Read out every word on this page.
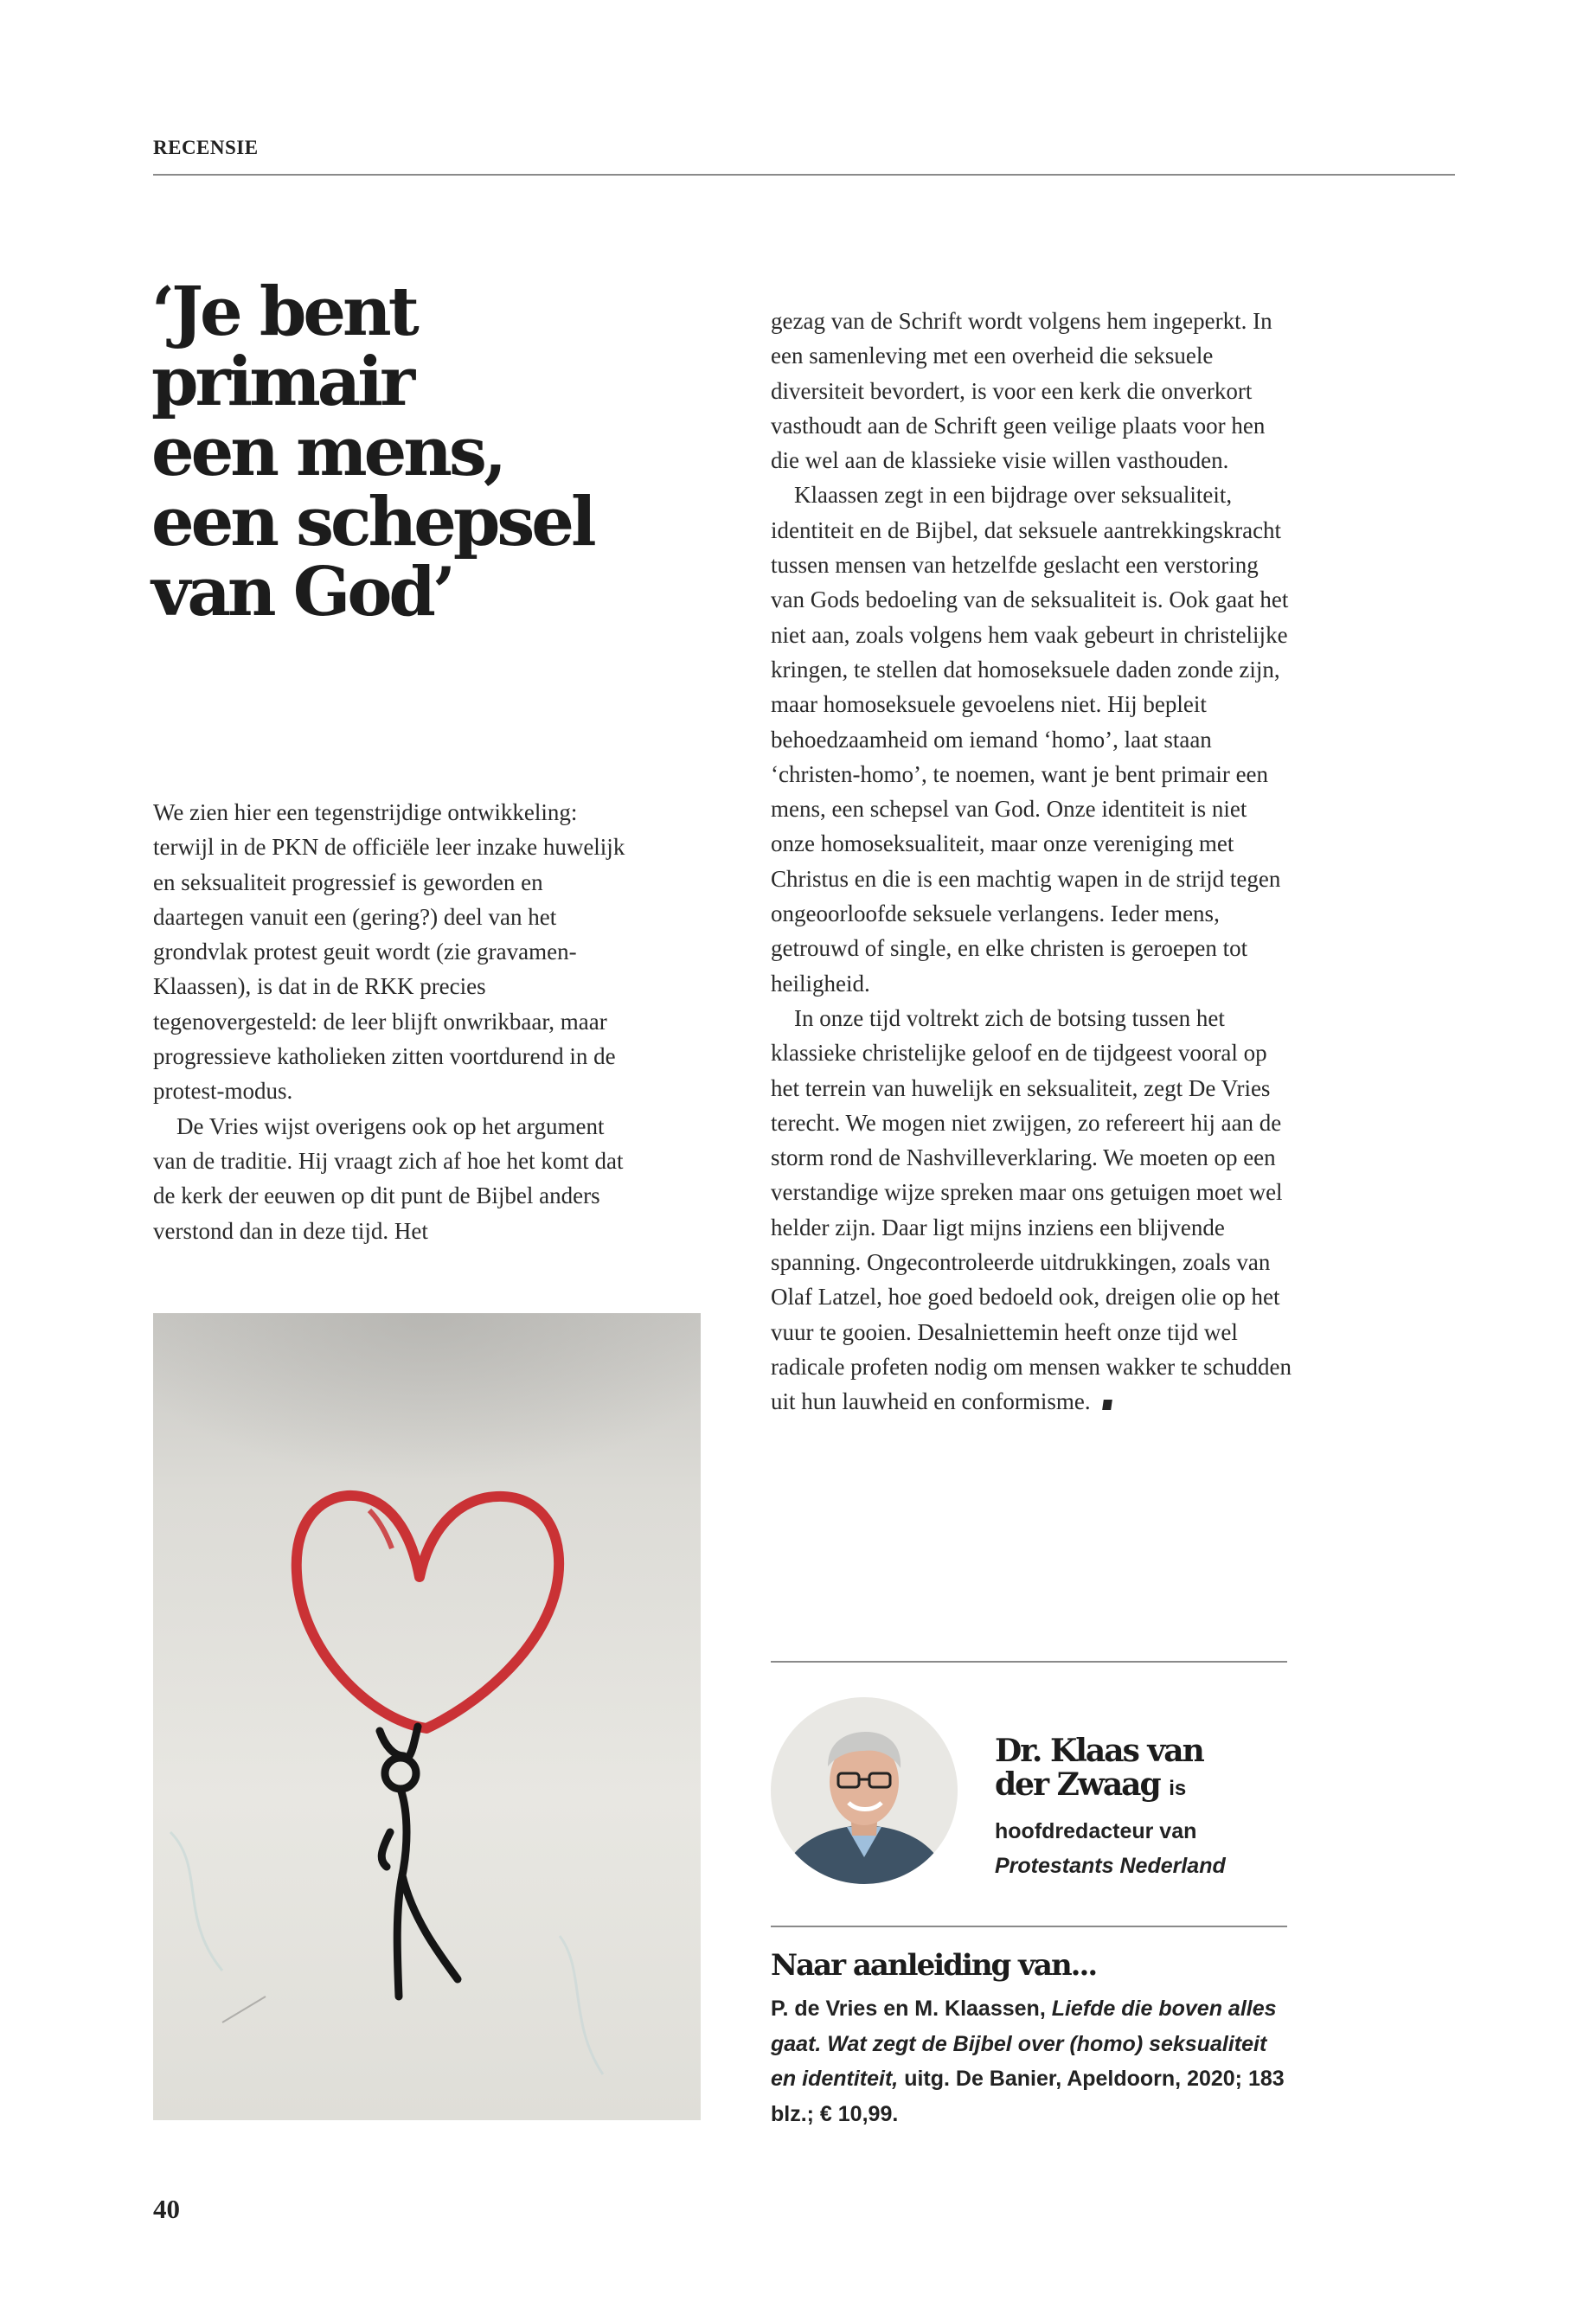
RECENSIE
‘Je bent
primair
een mens,
een schepsel
van God’

We zien hier een tegenstrijdige ontwikkeling: terwijl in de PKN de officiële leer inzake huwelijk en seksualiteit progressief is geworden en daartegen vanuit een (gering?) deel van het grondvlak protest geuit wordt (zie gravamen-Klaassen), is dat in de RKK precies tegenovergesteld: de leer blijft onwrikbaar, maar progressieve katholieken zitten voortdurend in de protest-modus.

De Vries wijst overigens ook op het argument van de traditie. Hij vraagt zich af hoe het komt dat de kerk der eeuwen op dit punt de Bijbel anders verstond dan in deze tijd. Het

gezag van de Schrift wordt volgens hem ingeperkt. In een samenleving met een overheid die seksuele diversiteit bevordert, is voor een kerk die onverkort vasthoudt aan de Schrift geen veilige plaats voor hen die wel aan de klassieke visie willen vasthouden.

Klaassen zegt in een bijdrage over seksualiteit, identiteit en de Bijbel, dat seksuele aantrekkingskracht tussen mensen van hetzelfde geslacht een verstoring van Gods bedoeling van de seksualiteit is. Ook gaat het niet aan, zoals volgens hem vaak gebeurt in christelijke kringen, te stellen dat homoseksuele daden zonde zijn, maar homoseksuele gevoelens niet. Hij bepleit behoedzaamheid om iemand ‘homo’, laat staan ‘christen-homo’, te noemen, want je bent primair een mens, een schepsel van God. Onze identiteit is niet onze homoseksualiteit, maar onze vereniging met Christus en die is een machtig wapen in de strijd tegen ongeoorloofde seksuele verlangens. Ieder mens, getrouwd of single, en elke christen is geroepen tot heiligheid.

In onze tijd voltrekt zich de botsing tussen het klassieke christelijke geloof en de tijdgeest vooral op het terrein van huwelijk en seksualiteit, zegt De Vries terecht. We mogen niet zwijgen, zo refereert hij aan de storm rond de Nashvilleverklaring. We moeten op een verstandige wijze spreken maar ons getuigen moet wel helder zijn. Daar ligt mijns inziens een blijvende spanning. Ongecontroleerde uitdrukkingen, zoals van Olaf Latzel, hoe goed bedoeld ook, dreigen olie op het vuur te gooien. Desalniettemin heeft onze tijd wel radicale profeten nodig om mensen wakker te schudden uit hun lauwheid en conformisme.

Dr. Klaas van
der Zwaag is
hoofdredacteur van
Protestants Nederland
Naar aanleiding van...
P. de Vries en M. Klaassen, Liefde die boven alles gaat. Wat zegt de Bijbel over (homo) seksualiteit en identiteit, uitg. De Banier, Apeldoorn, 2020; 183 blz.; € 10,99.
40
